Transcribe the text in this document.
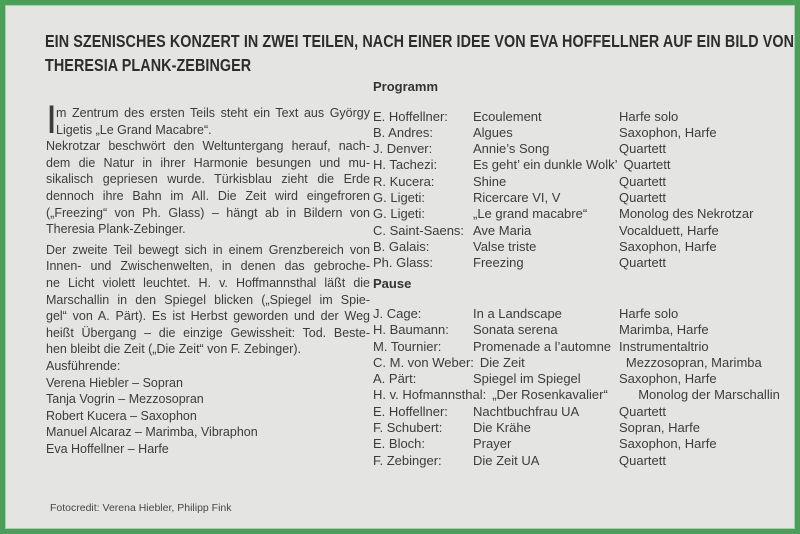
EIN SZENISCHES KONZERT IN ZWEI TEILEN, NACH EINER IDEE VON EVA HOFFELLNER AUF EIN BILD VON
THERESIA PLANK-ZEBINGER
I
m Zentrum des ersten Teils steht ein Text aus György
Ligetis „Le Grand Macabre“.
Nekrotzar beschwört den Weltuntergang herauf, nach-
dem die Natur in ihrer Harmonie besungen und mu-
sikalisch gepriesen wurde. Türkisblau zieht die Erde
dennoch ihre Bahn im All. Die Zeit wird eingefroren
(„Freezing“ von Ph. Glass) – hängt ab in Bildern von
Theresia Plank-Zebinger.
Der zweite Teil bewegt sich in einem Grenzbereich von
Innen- und Zwischenwelten, in denen das gebroche-
ne Licht violett leuchtet. H. v. Hoffmannsthal läßt die
Marschallin in den Spiegel blicken („Spiegel im Spie-
gel“ von A. Pärt). Es ist Herbst geworden und der Weg
heißt Übergang – die einzige Gewissheit: Tod. Beste-
hen bleibt die Zeit („Die Zeit“ von F. Zebinger).
Ausführende:
Verena Hiebler – Sopran
Tanja Vogrin – Mezzosopran
Robert Kucera – Saxophon
Manuel Alcaraz – Marimba, Vibraphon
Eva Hoffellner – Harfe
Programm
E. Hoffellner:	Ecoulement	Harfe solo
B. Andres:	Algues	Saxophon, Harfe
J. Denver:	Annie’s Song	Quartett
H. Tachezi:	Es geht’ ein dunkle Wolk’ Quartett
R. Kucera:	Shine	Quartett
G. Ligeti:	Ricercare VI, V	Quartett
G. Ligeti:	„Le grand macabre“	Monolog des Nekrotzar
C. Saint-Saens: Ave Maria	Vocalduett, Harfe
B. Galais:	Valse triste	Saxophon, Harfe
Ph. Glass:	Freezing	Quartett
Pause
J. Cage:	In a Landscape	Harfe solo
H. Baumann:	Sonata serena	Marimba, Harfe
M. Tournier:	Promenade a l’automne Instrumentaltrio
C. M. von Weber: Die Zeit	Mezzosopran, Marimba
A. Pärt:	Spiegel im Spiegel	Saxophon, Harfe
H. v. Hofmannsthal: „Der Rosenkavalier“	Monolog der Marschallin
E. Hoffellner:	Nachtbuchfrau UA	Quartett
F. Schubert:	Die Krähe	Sopran, Harfe
E. Bloch:	Prayer	Saxophon, Harfe
F. Zebinger:	Die Zeit UA	Quartett
Fotocredit: Verena Hiebler, Philipp Fink
